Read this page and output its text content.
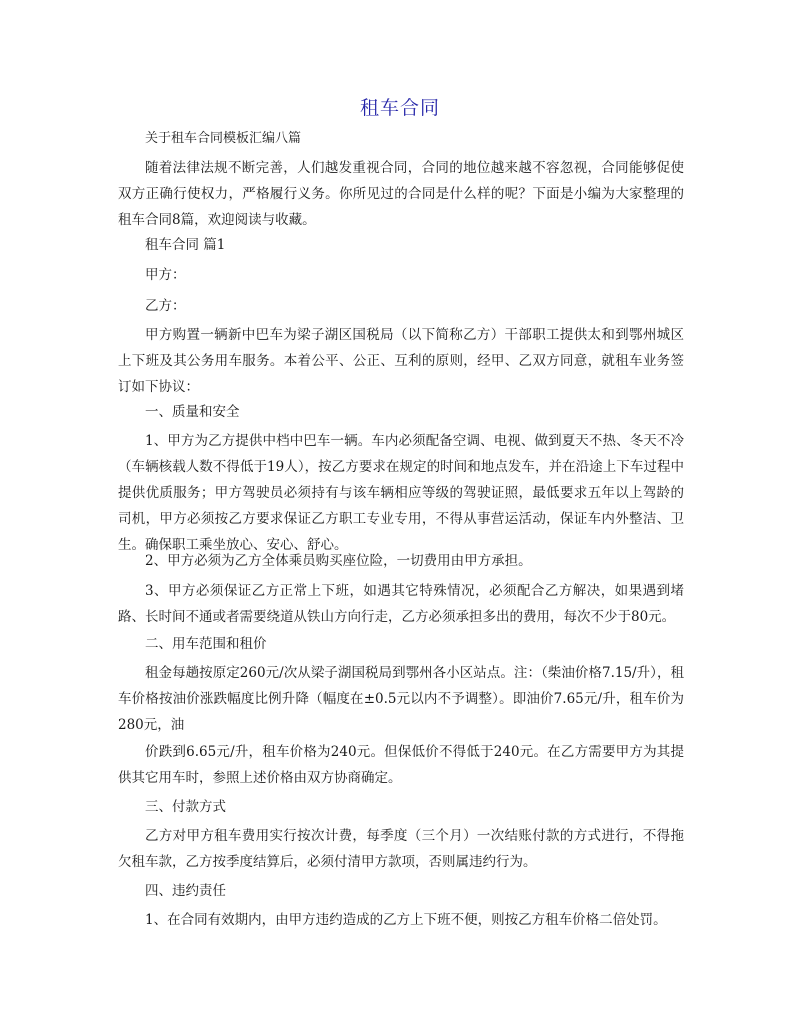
租车合同

关于租车合同模板汇编八篇

随着法律法规不断完善，人们越发重视合同，合同的地位越来越不容忽视，合同能够促使双方正确行使权力，严格履行义务。你所见过的合同是什么样的呢？下面是小编为大家整理的租车合同8篇，欢迎阅读与收藏。

租车合同 篇1

甲方：

乙方：

甲方购置一辆新中巴车为梁子湖区国税局（以下简称乙方）干部职工提供太和到鄂州城区上下班及其公务用车服务。本着公平、公正、互利的原则，经甲、乙双方同意，就租车业务签订如下协议：

一、质量和安全

1、甲方为乙方提供中档中巴车一辆。车内必须配备空调、电视、做到夏天不热、冬天不冷（车辆核载人数不得低于19人），按乙方要求在规定的时间和地点发车，并在沿途上下车过程中提供优质服务；甲方驾驶员必须持有与该车辆相应等级的驾驶证照，最低要求五年以上驾龄的司机，甲方必须按乙方要求保证乙方职工专业专用，不得从事营运活动，保证车内外整洁、卫生。确保职工乘坐放心、安心、舒心。

2、甲方必须为乙方全体乘员购买座位险，一切费用由甲方承担。

3、甲方必须保证乙方正常上下班，如遇其它特殊情况，必须配合乙方解决，如果遇到堵路、长时间不通或者需要绕道从铁山方向行走，乙方必须承担多出的费用，每次不少于80元。

二、用车范围和租价

租金每趟按原定260元/次从梁子湖国税局到鄂州各小区站点。注：（柴油价格7.15/升），租车价格按油价涨跌幅度比例升降（幅度在±0.5元以内不予调整）。即油价7.65元/升，租车价为280元，油

价跌到6.65元/升，租车价格为240元。但保低价不得低于240元。在乙方需要甲方为其提供其它用车时，参照上述价格由双方协商确定。

三、付款方式

乙方对甲方租车费用实行按次计费，每季度（三个月）一次结账付款的方式进行，不得拖欠租车款，乙方按季度结算后，必须付清甲方款项，否则属违约行为。

四、违约责任

1、在合同有效期内，由甲方违约造成的乙方上下班不便，则按乙方租车价格二倍处罚。
